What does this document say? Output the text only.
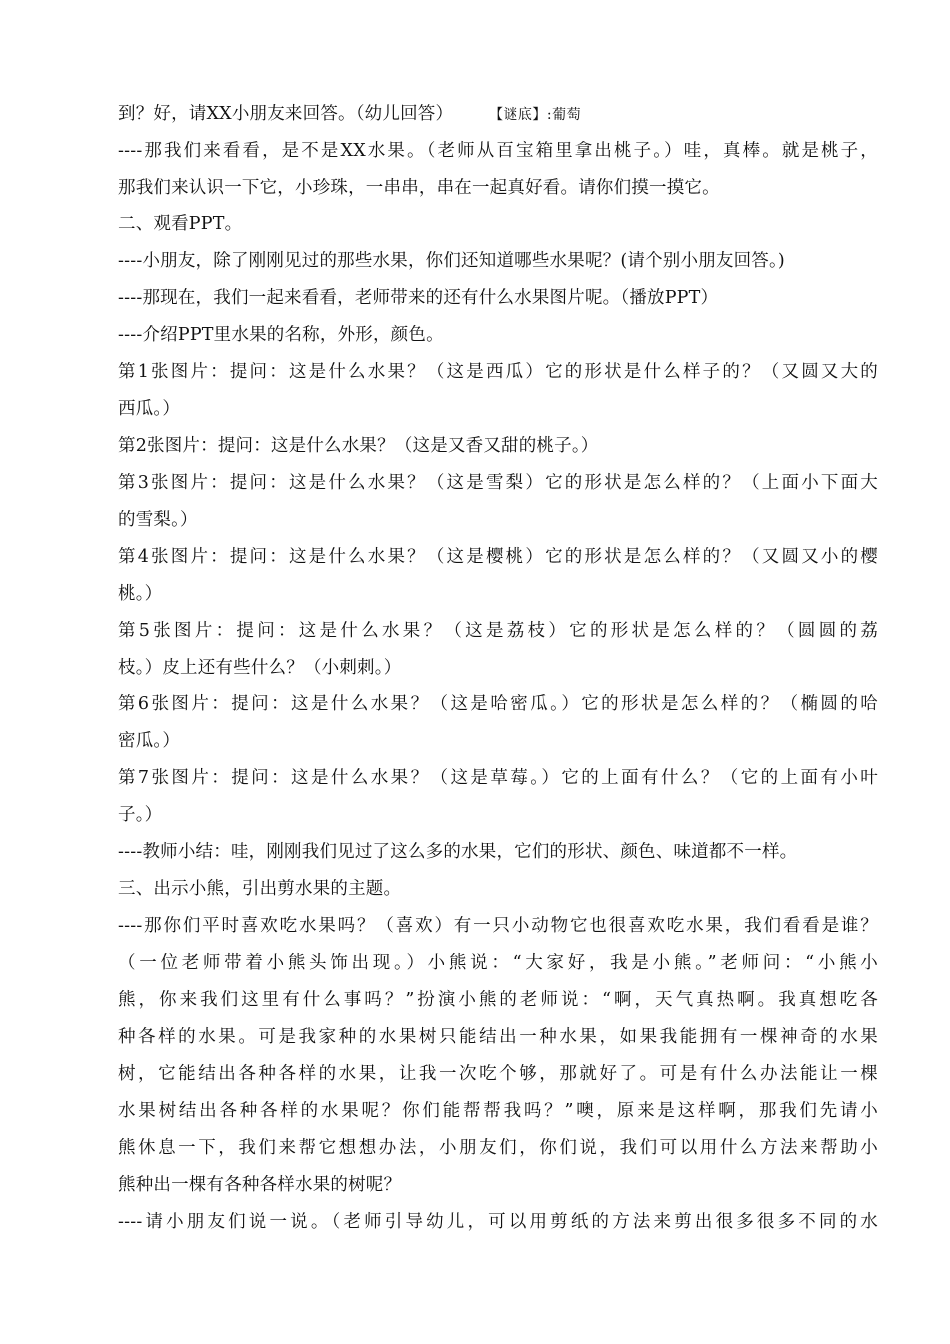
到？好，请XX小朋友来回答。（幼儿回答）	【谜底】:葡萄
----那我们来看看，是不是XX水果。（老师从百宝箱里拿出桃子。）哇，真棒。就是桃子，
那我们来认识一下它，小珍珠，一串串，串在一起真好看。请你们摸一摸它。
二、观看PPT。
----小朋友，除了刚刚见过的那些水果，你们还知道哪些水果呢？(请个别小朋友回答。)
----那现在，我们一起来看看，老师带来的还有什么水果图片呢。（播放PPT）
----介绍PPT里水果的名称，外形，颜色。
第1张图片：提问：这是什么水果？（这是西瓜）它的形状是什么样子的？（又圆又大的
西瓜。）
第2张图片：提问：这是什么水果？（这是又香又甜的桃子。）
第3张图片：提问：这是什么水果？（这是雪梨）它的形状是怎么样的？（上面小下面大
的雪梨。）
第4张图片：提问：这是什么水果？（这是樱桃）它的形状是怎么样的？（又圆又小的樱
桃。）
第5张图片：提问：这是什么水果？（这是荔枝）它的形状是怎么样的？（圆圆的荔
枝。）皮上还有些什么？（小刺刺。）
第6张图片：提问：这是什么水果？（这是哈密瓜。）它的形状是怎么样的？（椭圆的哈
密瓜。）
第7张图片：提问：这是什么水果？（这是草莓。）它的上面有什么？（它的上面有小叶
子。）
----教师小结：哇，刚刚我们见过了这么多的水果，它们的形状、颜色、味道都不一样。
三、出示小熊，引出剪水果的主题。
----那你们平时喜欢吃水果吗？（喜欢）有一只小动物它也很喜欢吃水果，我们看看是谁？
（一位老师带着小熊头饰出现。）小熊说：“大家好，我是小熊。”老师问：“小熊小
熊，你来我们这里有什么事吗？”扮演小熊的老师说：“啊，天气真热啊。我真想吃各
种各样的水果。可是我家种的水果树只能结出一种水果，如果我能拥有一棵神奇的水果
树，它能结出各种各样的水果，让我一次吃个够，那就好了。可是有什么办法能让一棵
水果树结出各种各样的水果呢？你们能帮帮我吗？”噢，原来是这样啊，那我们先请小
熊休息一下，我们来帮它想想办法，小朋友们，你们说，我们可以用什么方法来帮助小
熊种出一棵有各种各样水果的树呢？
----请小朋友们说一说。（老师引导幼儿，可以用剪纸的方法来剪出很多很多不同的水
